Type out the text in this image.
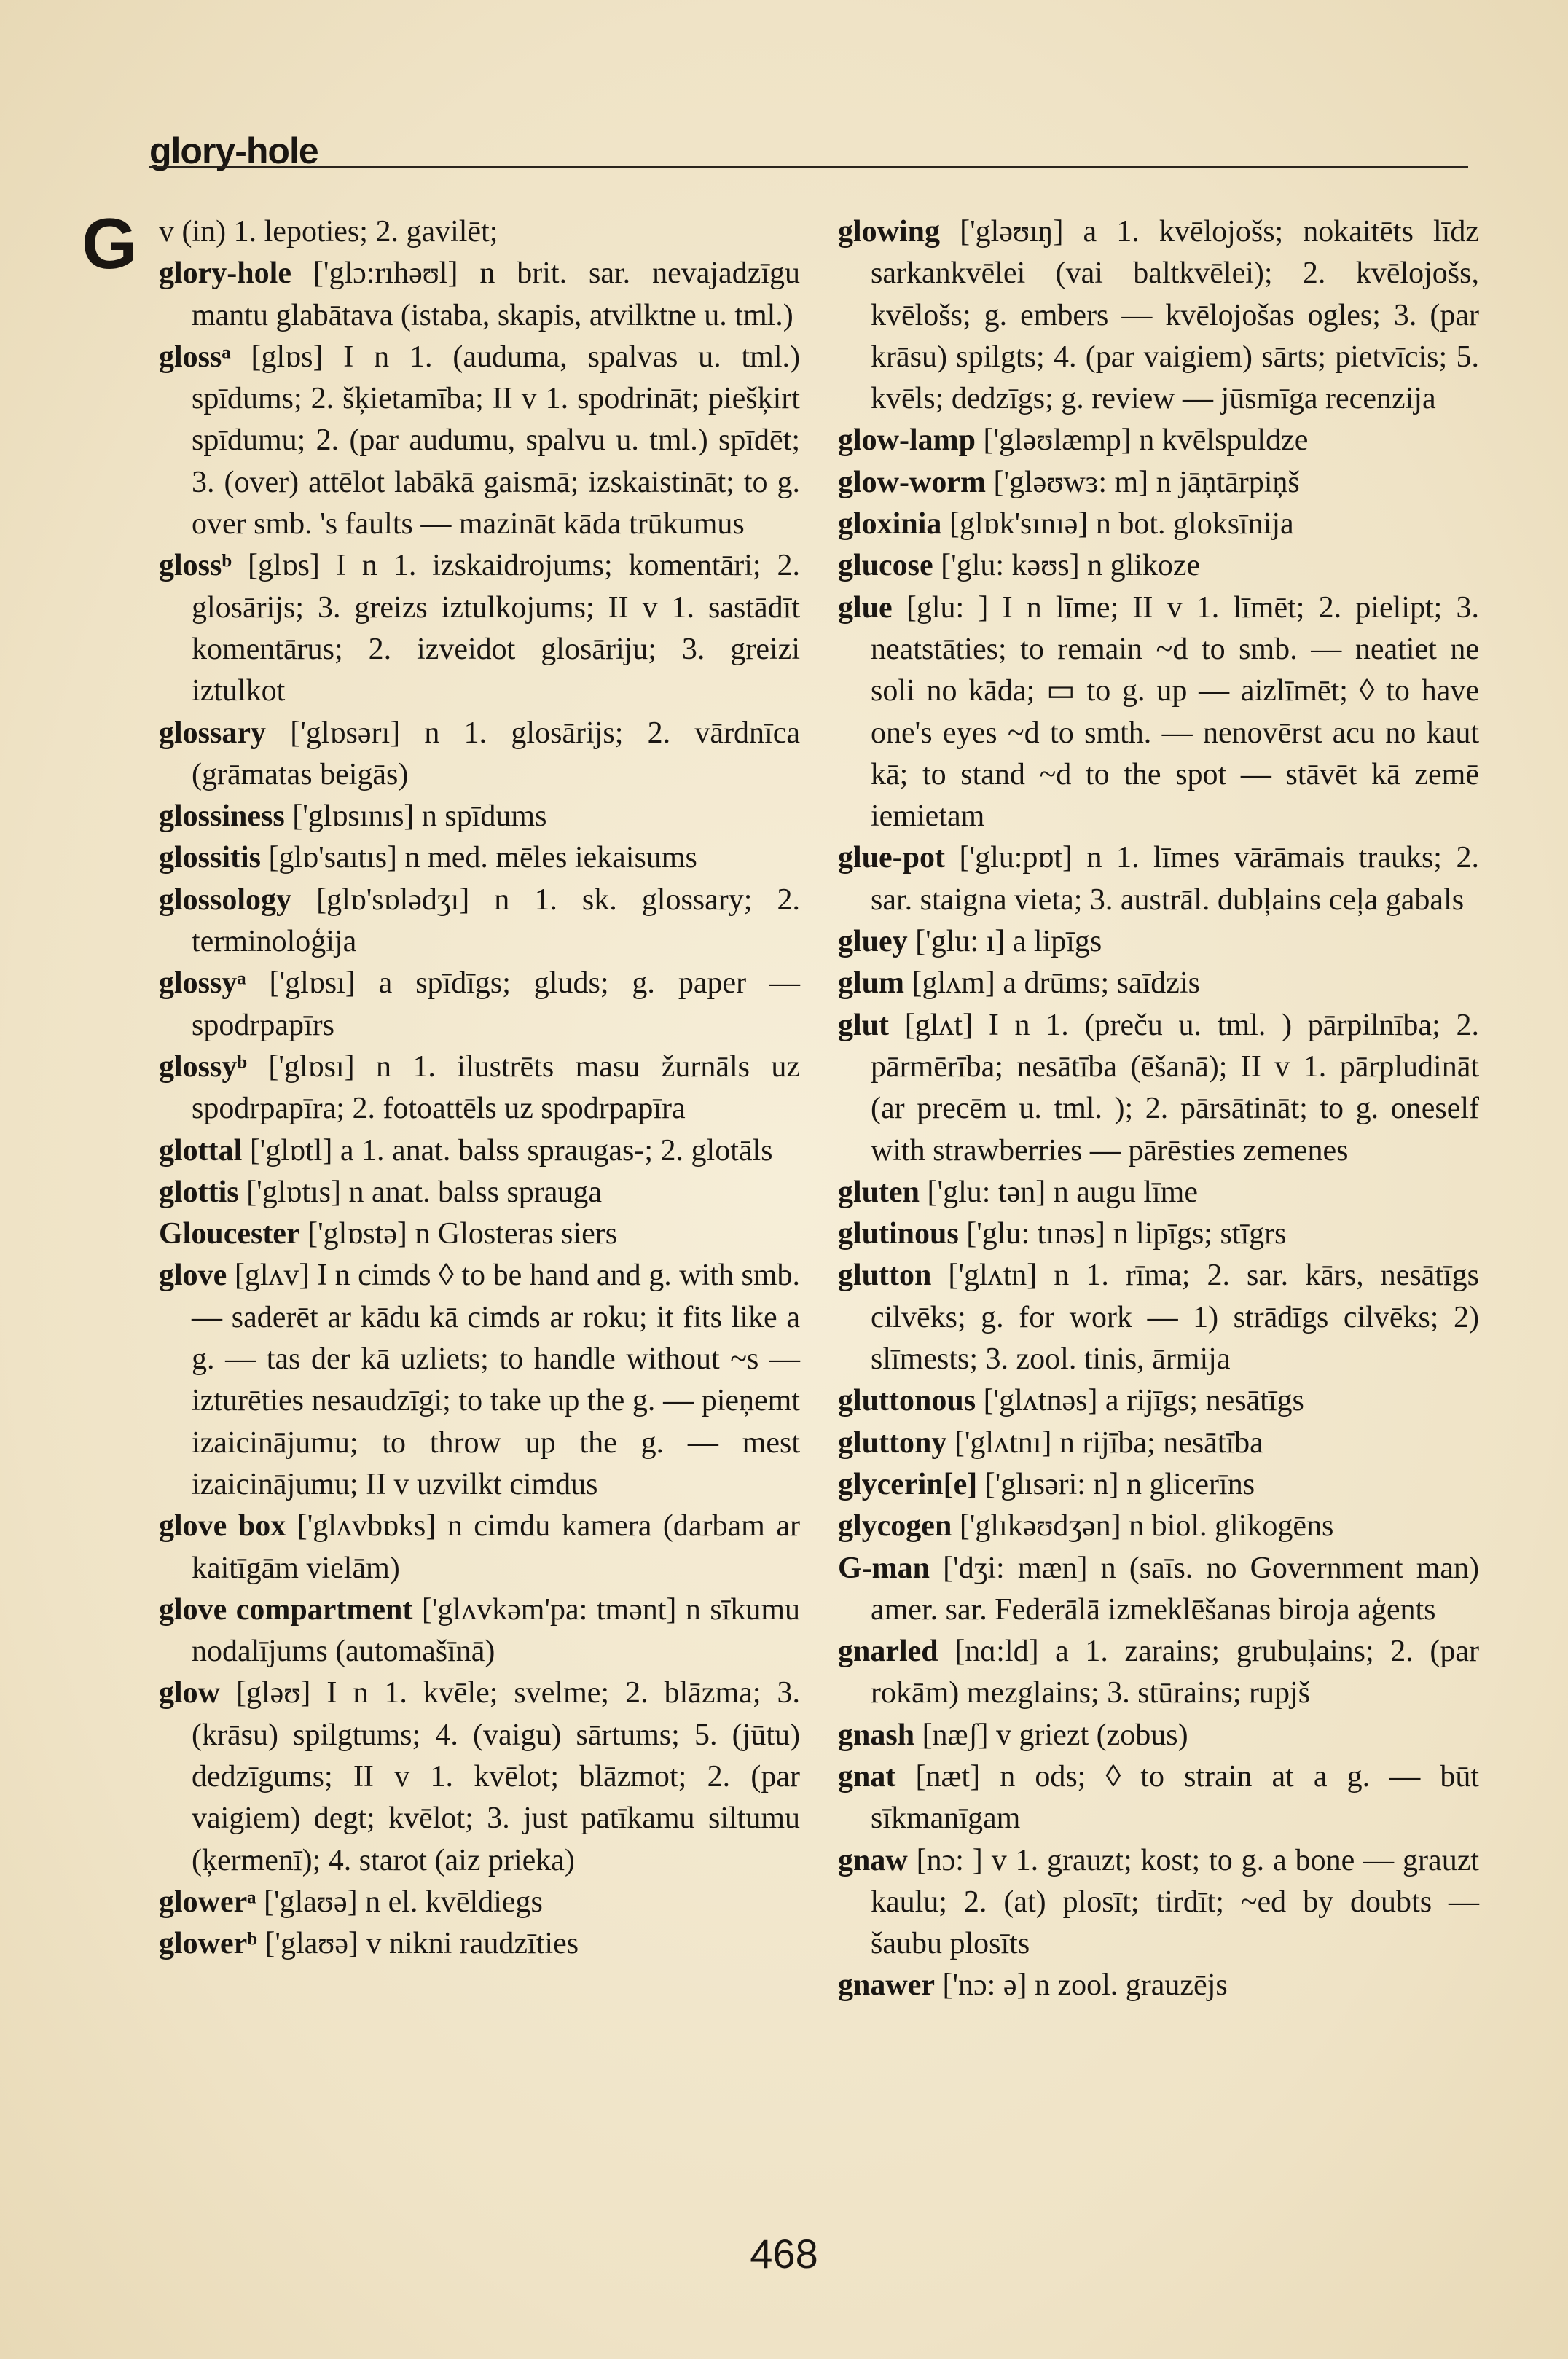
glory-hole
G v (in) 1. lepoties; 2. gavilēt;
glory-hole ['glɔ:rıhəʊl] n brit. sar. nevajadzīgu mantu glabātava (istaba, skapis, atvilktne u. tml.)
glossᵃ [glɒs] I n 1. (auduma, spalvas u. tml.) spīdums; 2. šķietamība; II v 1. spodrināt; piešķirt spīdumu; 2. (par audumu, spalvu u. tml.) spīdēt; 3. (over) attēlot labākā gaismā; izskaistināt; to g. over smb. 's faults — mazināt kāda trūkumus
glossᵇ [glɒs] I n 1. izskaidrojums; komentāri; 2. glosārijs; 3. greizs iztulkojums; II v 1. sastādīt komentārus; 2. izveidot glosāriju; 3. greizi iztulkot
glossary ['glɒsərı] n 1. glosārijs; 2. vārdnīca (grāmatas beigās)
glossiness ['glɒsınıs] n spīdums
glossitis [glɒ'saıtıs] n med. mēles iekaisums
glossology [glɒ'sɒlədʒı] n 1. sk. glossary; 2. terminoloģija
glossyᵃ ['glɒsı] a spīdīgs; gluds; g. paper — spodrpapīrs
glossyᵇ ['glɒsı] n 1. ilustrēts masu žurnāls uz spodrpapīra; 2. fotoattēls uz spodrpapīra
glottal ['glɒtl] a 1. anat. balss spraugas-; 2. glotāls
glottis ['glɒtıs] n anat. balss sprauga
Gloucester ['glɒstə] n Glosteras siers
glove [glʌv] I n cimds ◊ to be hand and g. with smb. — saderēt ar kādu kā cimds ar roku; it fits like a g. — tas der kā uzliets; to handle without ~s — izturēties nesaudzīgi; to take up the g. — pieņemt izaicinājumu; to throw up the g. — mest izaicinājumu; II v uzvilkt cimdus
glove box ['glʌvbɒks] n cimdu kamera (darbam ar kaitīgām vielām)
glove compartment ['glʌvkəm'pa: tmənt] n sīkumu nodalījums (automašīnā)
glow [gləʊ] I n 1. kvēle; svelme; 2. blāzma; 3. (krāsu) spilgtums; 4. (vaigu) sārtums; 5. (jūtu) dedzīgums; II v 1. kvēlot; blāzmot; 2. (par vaigiem) degt; kvēlot; 3. just patīkamu siltumu (ķermenī); 4. starot (aiz prieka)
glowerᵃ ['glaʊə] n el. kvēldiegs
glowerᵇ ['glaʊə] v nikni raudzīties
glowing ['gləʊıŋ] a 1. kvēlojošs; nokaitēts līdz sarkankvēlei (vai baltkvēlei); 2. kvēlojošs, kvēlošs; g. embers — kvēlojošas ogles; 3. (par krāsu) spilgts; 4. (par vaigiem) sārts; pietvīcis; 5. kvēls; dedzīgs; g. review — jūsmīga recenzija
glow-lamp ['gləʊlæmp] n kvēlspuldze
glow-worm ['gləʊwɜ: m] n jāņtārpiņš
gloxinia [glɒk'sınıə] n bot. gloksīnija
glucose ['glu: kəʊs] n glikoze
glue [glu: ] I n līme; II v 1. līmēt; 2. pielipt; 3. neatstāties; to remain ~d to smb. — neatiet ne soli no kāda; ▭ to g. up — aizlīmēt; ◊ to have one's eyes ~d to smth. — nenovērst acu no kaut kā; to stand ~d to the spot — stāvēt kā zemē iemietam
glue-pot ['glu:pɒt] n 1. līmes vārāmais trauks; 2. sar. staigna vieta; 3. austrāl. dubļains ceļa gabals
gluey ['glu: ı] a lipīgs
glum [glʌm] a drūms; saīdzis
glut [glʌt] I n 1. (preču u. tml. ) pārpilnība; 2. pārmērība; nesātība (ēšanā); II v 1. pārpludināt (ar precēm u. tml. ); 2. pārsātināt; to g. oneself with strawberries — pārēsties zemenes
gluten ['glu: tən] n augu līme
glutinous ['glu: tınəs] n lipīgs; stīgrs
glutton ['glʌtn] n 1. rīma; 2. sar. kārs, nesātīgs cilvēks; g. for work — 1) strādīgs cilvēks; 2) slīmests; 3. zool. tinis, ārmija
gluttonous ['glʌtnəs] a rijīgs; nesātīgs
gluttony ['glʌtnı] n rijība; nesātība
glycerin[e] ['glısəri: n] n glicerīns
glycogen ['glıkəʊdʒən] n biol. glikogēns
G-man ['dʒi: mæn] n (saīs. no Government man) amer. sar. Federālā izmeklēšanas biroja aģents
gnarled [nɑ:ld] a 1. zarains; grubuļains; 2. (par rokām) mezglains; 3. stūrains; rupjš
gnash [næʃ] v griezt (zobus)
gnat [næt] n ods; ◊ to strain at a g. — būt sīkmanīgam
gnaw [nɔ: ] v 1. grauzt; kost; to g. a bone — grauzt kaulu; 2. (at) plosīt; tirdīt; ~ed by doubts — šaubu plosīts
gnawer ['nɔ: ə] n zool. grauzējs
468
